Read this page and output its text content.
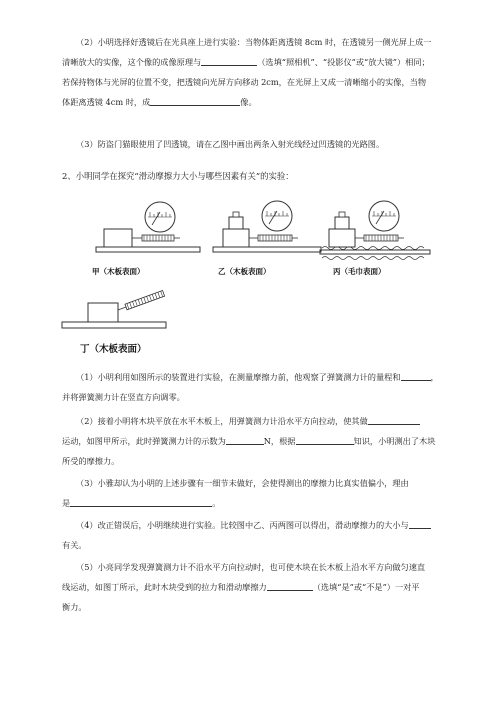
（2）小明选择好透镜后在光具座上进行实验：当物体距离透镜 8cm 时，在透镜另一侧光屏上成一
清晰放大的实像，这个像的成像原理与	（选填“照相机”、“投影仪”或“放大镜”）相同；
若保持物体与光屏的位置不变，把透镜向光屏方向移动 2cm，在光屏上又成一清晰缩小的实像，当物
体距离透镜 4cm 时，成	像。
（3）防盗门猫眼使用了凹透镜，请在乙图中画出两条入射光线经过凹透镜的光路图。
2、小明同学在探究“滑动摩擦力大小与哪些因素有关”的实验：
甲（木板表面）	乙（木板表面）	丙（毛巾表面）
丁（木板表面）
（1）小明利用如图所示的装置进行实验，在测量摩擦力前，他观察了弹簧测力计的量程和	，
并将弹簧测力计在竖直方向调零。
（2）接着小明将木块平放在水平木板上，用弹簧测力计沿水平方向拉动，使其做
运动，如图甲所示，此时弹簧测力计的示数为	N，根据	知识，小明测出了木块
所受的摩擦力。
（3）小雅却认为小明的上述步骤有一细节未做好，会使得测出的摩擦力比真实值偏小，理由
是	。
（4）改正错误后，小明继续进行实验。比较图中乙、丙两图可以得出，滑动摩擦力的大小与
有关。
（5）小亮同学发现弹簧测力计不沿水平方向拉动时，也可使木块在长木板上沿水平方向做匀速直
线运动，如图丁所示，此时木块受到的拉力和滑动摩擦力	（选填“是”或“不是”）一对平
衡力。
